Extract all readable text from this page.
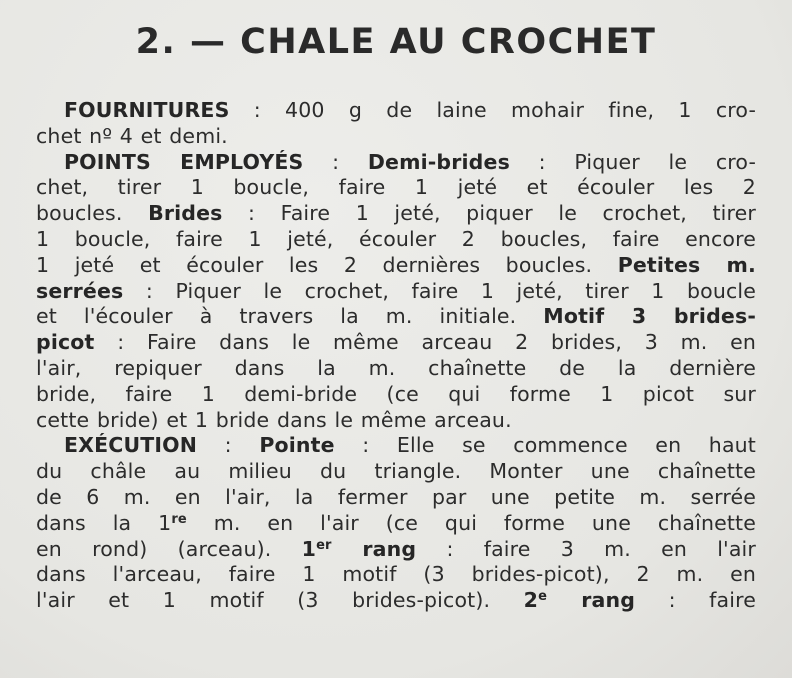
2. — CHALE AU CROCHET
FOURNITURES : 400 g de laine mohair fine, 1 cro-
chet nº 4 et demi.
POINTS EMPLOYÉS : Demi-brides : Piquer le cro-
chet, tirer 1 boucle, faire 1 jeté et écouler les 2
boucles. Brides : Faire 1 jeté, piquer le crochet, tirer
1 boucle, faire 1 jeté, écouler 2 boucles, faire encore
1 jeté et écouler les 2 dernières boucles. Petites m.
serrées : Piquer le crochet, faire 1 jeté, tirer 1 boucle
et l'écouler à travers la m. initiale. Motif 3 brides-
picot : Faire dans le même arceau 2 brides, 3 m. en
l'air, repiquer dans la m. chaînette de la dernière
bride, faire 1 demi-bride (ce qui forme 1 picot sur
cette bride) et 1 bride dans le même arceau.
EXÉCUTION : Pointe : Elle se commence en haut
du châle au milieu du triangle. Monter une chaînette
de 6 m. en l'air, la fermer par une petite m. serrée
dans la 1re m. en l'air (ce qui forme une chaînette
en rond) (arceau). 1er rang : faire 3 m. en l'air
dans l'arceau, faire 1 motif (3 brides-picot), 2 m. en
l'air et 1 motif (3 brides-picot). 2e rang : faire
